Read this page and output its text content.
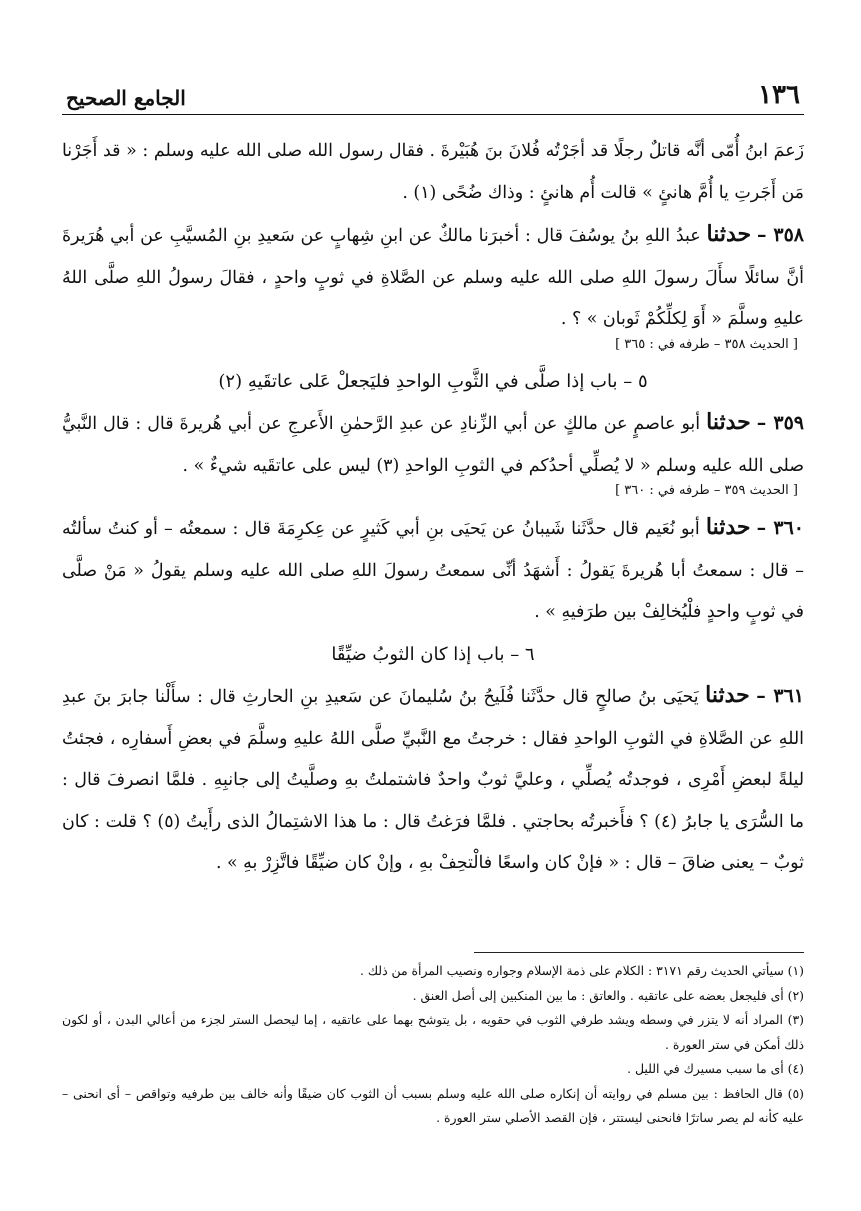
١٣٦
الجامع الصحيح

زَعمَ ابنُ أُمّى أنَّه قاتلٌ رجلًا قد أجَرْتُه فُلانَ بنَ هُبَيْرةَ . فقال رسول الله صلى الله عليه وسلم : « قد أَجَرْنا مَن أَجَرتِ يا أُمَّ هانئٍ » قالت أُم هانئٍ : وذاك ضُحًى (١) .

٣٥٨ – حدثنا عبدُ اللهِ بنُ يوسُفَ قال : أخبرَنا مالكٌ عن ابنِ شِهابٍ عن سَعيدِ بنِ المُسيَّبِ عن أبي هُرَيرةَ أنَّ سائلًا سأَلَ رسولَ اللهِ صلى الله عليه وسلم عن الصَّلاةِ في ثوبٍ واحدٍ ، فقالَ رسولُ اللهِ صلَّى اللهُ عليهِ وسلَّمَ « أَوَ لِكلِّكُمْ ثَوبان » ؟ .

[ الحديث ٣٥٨ – طرفه في : ٣٦٥ ]

٥ – باب إذا صلَّى في الثَّوبِ الواحدِ فليَجعلْ عَلى عاتقَيهِ (٢)

٣٥٩ – حدثنا أبو عاصمٍ عن مالكٍ عن أبي الزِّنادِ عن عبدِ الرَّحمٰنِ الأَعرجِ عن أبي هُريرةَ قال : قال النَّبيُّ صلى الله عليه وسلم « لا يُصلِّي أحدُكم في الثوبِ الواحدِ (٣) ليس على عاتقَيه شيءٌ » .

[ الحديث ٣٥٩ – طرفه في : ٣٦٠ ]

٣٦٠ – حدثنا أبو نُعَيم قال حدَّثَنا شَيبانُ عن يَحيَى بنِ أبي كَثيرٍ عن عِكرِمَةَ قال : سمعتُه – أو كنتُ سألتُه – قال : سمعتُ أبا هُريرةَ يَقولُ : أَشهَدُ أنِّى سمعتُ رسولَ اللهِ صلى الله عليه وسلم يقولُ « مَنْ صلَّى في ثوبٍ واحدٍ فلْيُخالِفْ بين طرَفيهِ » .

٦ – باب إذا كان الثوبُ ضيِّقًا

٣٦١ – حدثنا يَحيَى بنُ صالحٍ قال حدَّثَنا فُلَيحُ بنُ سُليمانَ عن سَعيدِ بنِ الحارثِ قال : سأَلْنا جابرَ بنَ عبدِ اللهِ عن الصَّلاةِ في الثوبِ الواحدِ فقال : خرجتُ مع النَّبيِّ صلَّى اللهُ عليهِ وسلَّمَ في بعضِ أَسفارِه ، فجئتُ ليلةً لبعضِ أَمْرِى ، فوجدتُه يُصلِّي ، وعليَّ ثوبٌ واحدٌ فاشتملتُ بهِ وصلَّيتُ إلى جانبِهِ . فلمَّا انصرفَ قال : ما السُّرَى يا جابرُ (٤) ؟ فأَخبرتُه بحاجتي . فلمَّا فرَغتُ قال : ما هذا الاشتِمالُ الذى رأَيتُ (٥) ؟ قلت : كان ثوبٌ – يعنى ضاقَ – قال : « فإنْ كان واسعًا فالْتحِفْ بهِ ، وإنْ كان ضيِّقًا فاتَّزِرْ بهِ » .

(١) سيأتي الحديث رقم ٣١٧١ : الكلام على ذمة الإسلام وجواره ونصيب المرأة من ذلك .

(٢) أى فليجعل بعضه على عاتقيه . والعاتق : ما بين المنكبين إلى أصل العنق .

(٣) المراد أنه لا يتزر في وسطه ويشد طرفي الثوب في حقويه ، بل يتوشح بهما على عاتقيه ، إما ليحصل الستر لجزء من أعالي البدن ، أو لكون ذلك أمكن في ستر العورة .

(٤) أى ما سبب مسيرك في الليل .

(٥) قال الحافظ : بين مسلم في روايته أن إنكاره صلى الله عليه وسلم بسبب أن الثوب كان ضيقًا وأنه خالف بين طرفيه وتواقص – أى انحنى – عليه كأنه لم يصر ساترًا فانحنى ليستتر ، فإن القصد الأصلي ستر العورة .
